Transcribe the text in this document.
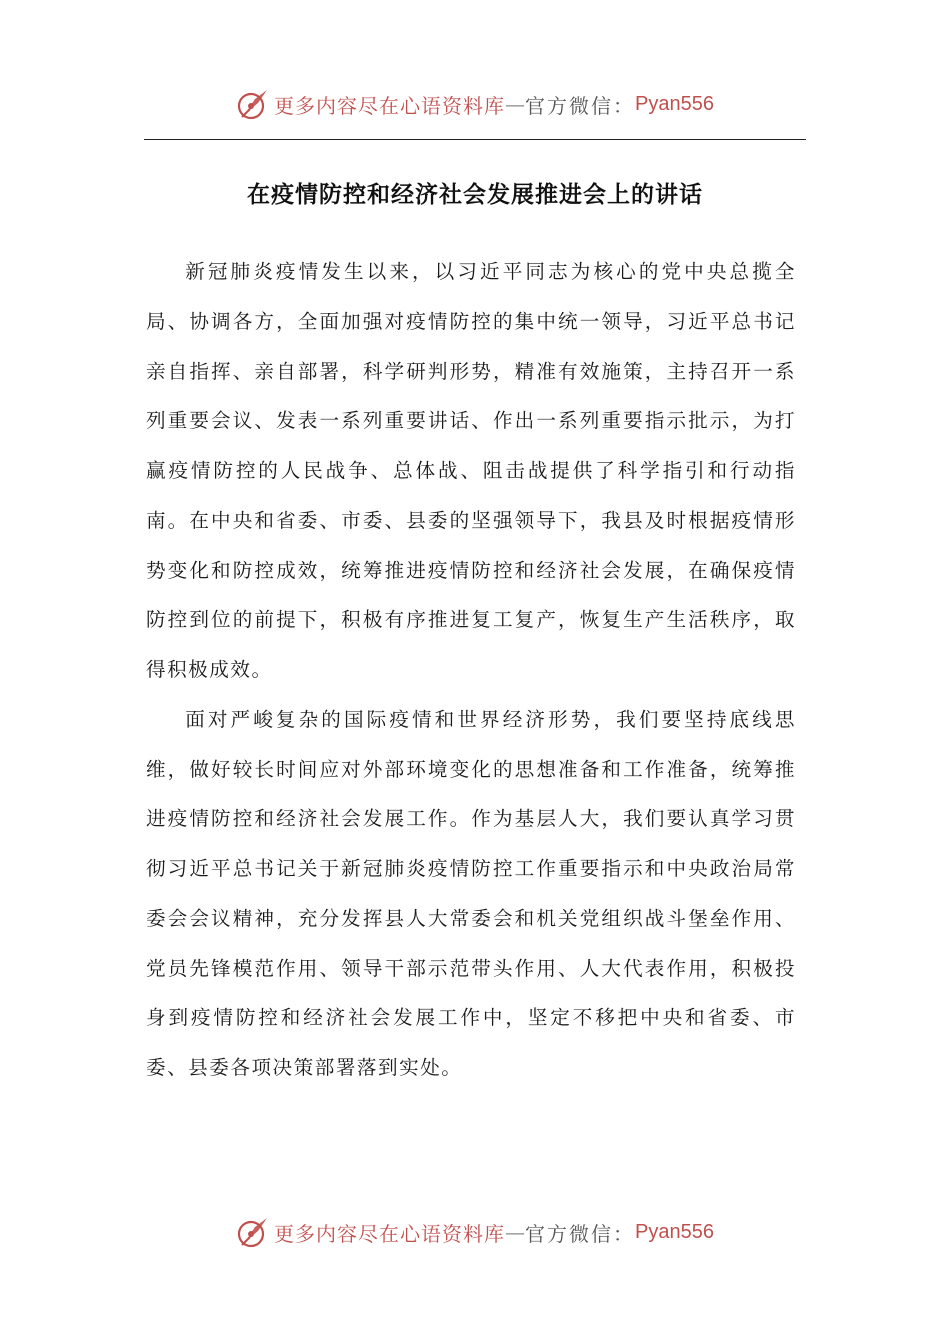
更多内容尽在心语资料库 — 官方微信： Pyan556
在疫情防控和经济社会发展推进会上的讲话

新冠肺炎疫情发生以来，以习近平同志为核心的党中央总揽全局、协调各方，全面加强对疫情防控的集中统一领导，习近平总书记亲自指挥、亲自部署，科学研判形势，精准有效施策，主持召开一系列重要会议、发表一系列重要讲话、作出一系列重要指示批示，为打赢疫情防控的人民战争、总体战、阻击战提供了科学指引和行动指南。在中央和省委、市委、县委的坚强领导下，我县及时根据疫情形势变化和防控成效，统筹推进疫情防控和经济社会发展，在确保疫情防控到位的前提下，积极有序推进复工复产，恢复生产生活秩序，取得积极成效。

面对严峻复杂的国际疫情和世界经济形势，我们要坚持底线思维，做好较长时间应对外部环境变化的思想准备和工作准备，统筹推进疫情防控和经济社会发展工作。作为基层人大，我们要认真学习贯彻习近平总书记关于新冠肺炎疫情防控工作重要指示和中央政治局常委会会议精神，充分发挥县人大常委会和机关党组织战斗堡垒作用、党员先锋模范作用、领导干部示范带头作用、人大代表作用，积极投身到疫情防控和经济社会发展工作中，坚定不移把中央和省委、市委、县委各项决策部署落到实处。

更多内容尽在心语资料库 — 官方微信： Pyan556
